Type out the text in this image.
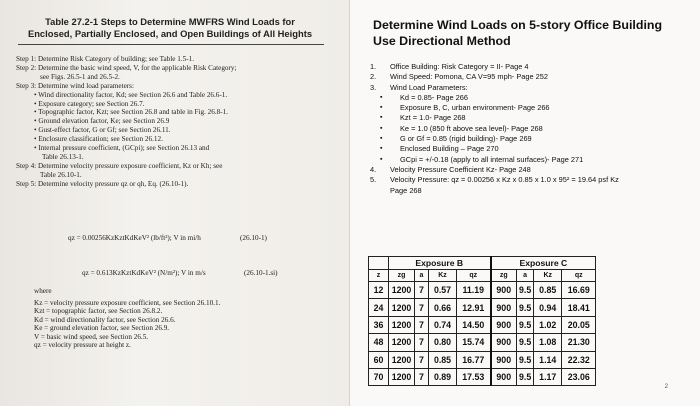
Table 27.2-1 Steps to Determine MWFRS Wind Loads for
Enclosed, Partially Enclosed, and Open Buildings of All Heights
Step 1: Determine Risk Category of building; see Table 1.5-1.
Step 2: Determine the basic wind speed, V, for the applicable Risk Category;
see Figs. 26.5-1 and 26.5-2.
Step 3: Determine wind load parameters:
• Wind directionality factor, Kd; see Section 26.6 and Table 26.6-1.
• Exposure category; see Section 26.7.
• Topographic factor, Kzt; see Section 26.8 and table in Fig. 26.8-1.
• Ground elevation factor, Ke; see Section 26.9
• Gust-effect factor, G or Gf; see Section 26.11.
• Enclosure classification; see Section 26.12.
• Internal pressure coefficient, (GCpi); see Section 26.13 and
Table 26.13-1.
Step 4: Determine velocity pressure exposure coefficient, Kz or Kh; see
Table 26.10-1.
Step 5: Determine velocity pressure qz or qh, Eq. (26.10-1).
qz = 0.00256KzKztKdKeV² (lb/ft²); V in mi/h	(26.10-1)
qz = 0.613KzKztKdKeV² (N/m²); V in m/s	(26.10-1.si)
where
Kz = velocity pressure exposure coefficient, see Section 26.10.1.
Kzt = topographic factor, see Section 26.8.2.
Kd = wind directionality factor, see Section 26.6.
Ke = ground elevation factor, see Section 26.9.
V = basic wind speed, see Section 26.5.
qz = velocity pressure at height z.
Determine Wind Loads on 5-story Office Building
Use Directional Method
1.	Office Building: Risk Category = II- Page 4
2.	Wind Speed: Pomona, CA V=95 mph- Page 252
3.	Wind Load Parameters:
▪	Kd = 0.85- Page 266
▪	Exposure B, C, urban environment- Page 266
▪	Kzt = 1.0- Page 268
▪	Ke = 1.0 (850 ft above sea level)- Page 268
▪	G or Gf = 0.85 (rigid building)- Page 269
▪	Enclosed Building – Page 270
▪	GCpi = +/-0.18 (apply to all internal surfaces)- Page 271
4.	Velocity Pressure Coefficient Kz- Page 248
5.	Velocity Pressure: qz = 0.00256 x Kz x 0.85 x 1.0 x 95² = 19.64 psf Kz
Page 268
2
	Exposure B				Exposure C			
z	zg	a	Kz	qz	zg	a	Kz	qz
12	1200	7	0.57	11.19	900	9.5	0.85	16.69
24	1200	7	0.66	12.91	900	9.5	0.94	18.41
36	1200	7	0.74	14.50	900	9.5	1.02	20.05
48	1200	7	0.80	15.74	900	9.5	1.08	21.30
60	1200	7	0.85	16.77	900	9.5	1.14	22.32
70	1200	7	0.89	17.53	900	9.5	1.17	23.06
